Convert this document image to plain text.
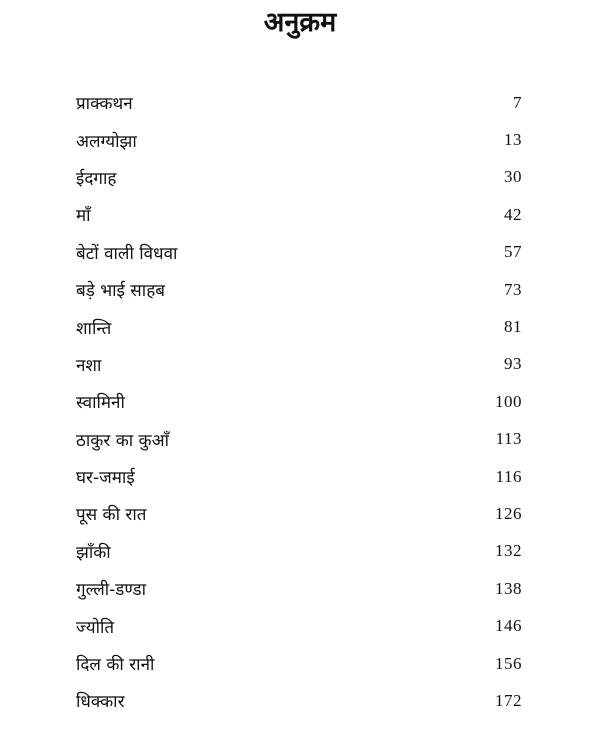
अनुक्रम
प्राक्कथन	7
अलग्योझा	13
ईदगाह	30
माँ	42
बेटों वाली विधवा	57
बड़े भाई साहब	73
शान्ति	81
नशा	93
स्वामिनी	100
ठाकुर का कुआँ	113
घर-जमाई	116
पूस की रात	126
झाँकी	132
गुल्ली-डण्डा	138
ज्योति	146
दिल की रानी	156
धिक्कार	172
